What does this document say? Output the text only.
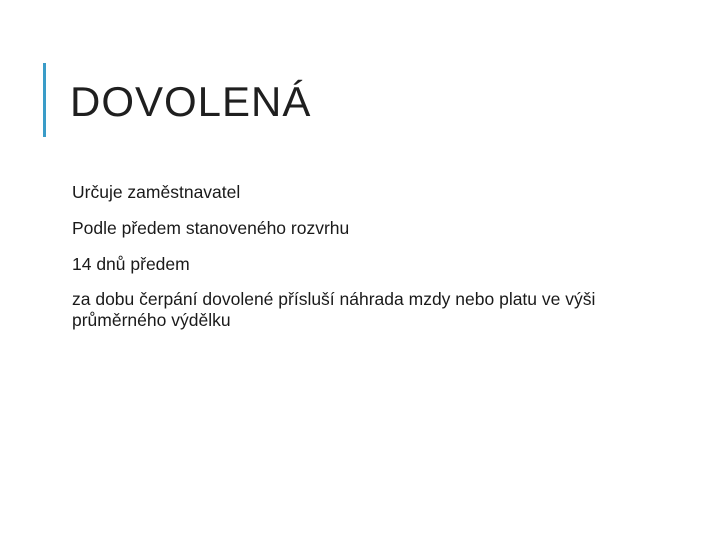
DOVOLENÁ
Určuje zaměstnavatel
Podle předem stanoveného rozvrhu
14 dnů předem
za dobu čerpání dovolené přísluší náhrada mzdy nebo platu ve výši průměrného výdělku
